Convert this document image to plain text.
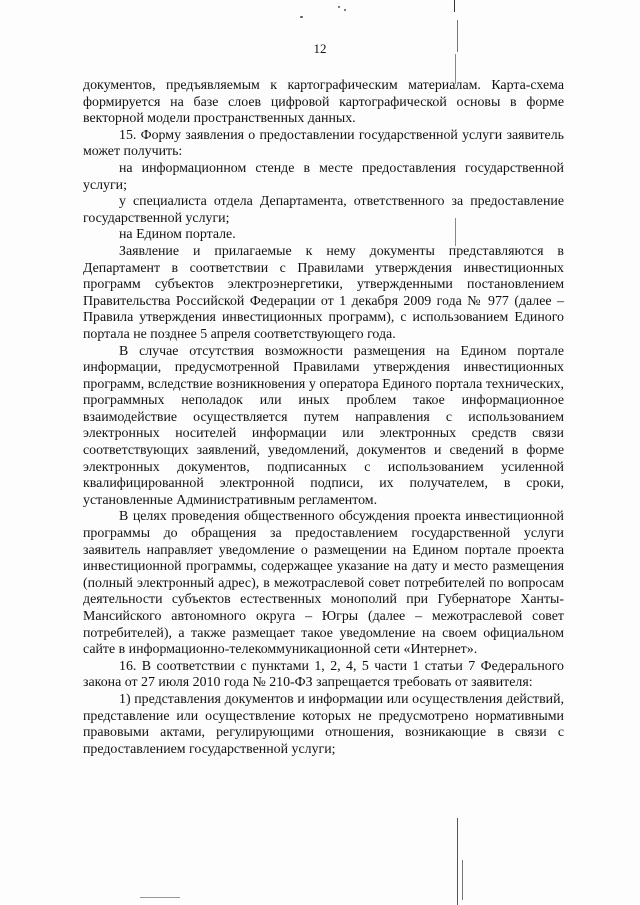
12

документов, предъявляемым к картографическим материалам. Карта-схема формируется на базе слоев цифровой картографической основы в форме векторной модели пространственных данных.

15. Форму заявления о предоставлении государственной услуги заявитель может получить:

на информационном стенде в месте предоставления государственной услуги;

у специалиста отдела Департамента, ответственного за предоставление государственной услуги;

на Едином портале.

Заявление и прилагаемые к нему документы представляются в Департамент в соответствии с Правилами утверждения инвестиционных программ субъектов электроэнергетики, утвержденными постановлением Правительства Российской Федерации от 1 декабря 2009 года № 977 (далее – Правила утверждения инвестиционных программ), с использованием Единого портала не позднее 5 апреля соответствующего года.

В случае отсутствия возможности размещения на Едином портале информации, предусмотренной Правилами утверждения инвестиционных программ, вследствие возникновения у оператора Единого портала технических, программных неполадок или иных проблем такое информационное взаимодействие осуществляется путем направления с использованием электронных носителей информации или электронных средств связи соответствующих заявлений, уведомлений, документов и сведений в форме электронных документов, подписанных с использованием усиленной квалифицированной электронной подписи, их получателем, в сроки, установленные Административным регламентом.

В целях проведения общественного обсуждения проекта инвестиционной программы до обращения за предоставлением государственной услуги заявитель направляет уведомление о размещении на Едином портале проекта инвестиционной программы, содержащее указание на дату и место размещения (полный электронный адрес), в межотраслевой совет потребителей по вопросам деятельности субъектов естественных монополий при Губернаторе Ханты-Мансийского автономного округа – Югры (далее – межотраслевой совет потребителей), а также размещает такое уведомление на своем официальном сайте в информационно-телекоммуникационной сети «Интернет».

16. В соответствии с пунктами 1, 2, 4, 5 части 1 статьи 7 Федерального закона от 27 июля 2010 года № 210-ФЗ запрещается требовать от заявителя:

1) представления документов и информации или осуществления действий, представление или осуществление которых не предусмотрено нормативными правовыми актами, регулирующими отношения, возникающие в связи с предоставлением государственной услуги;
